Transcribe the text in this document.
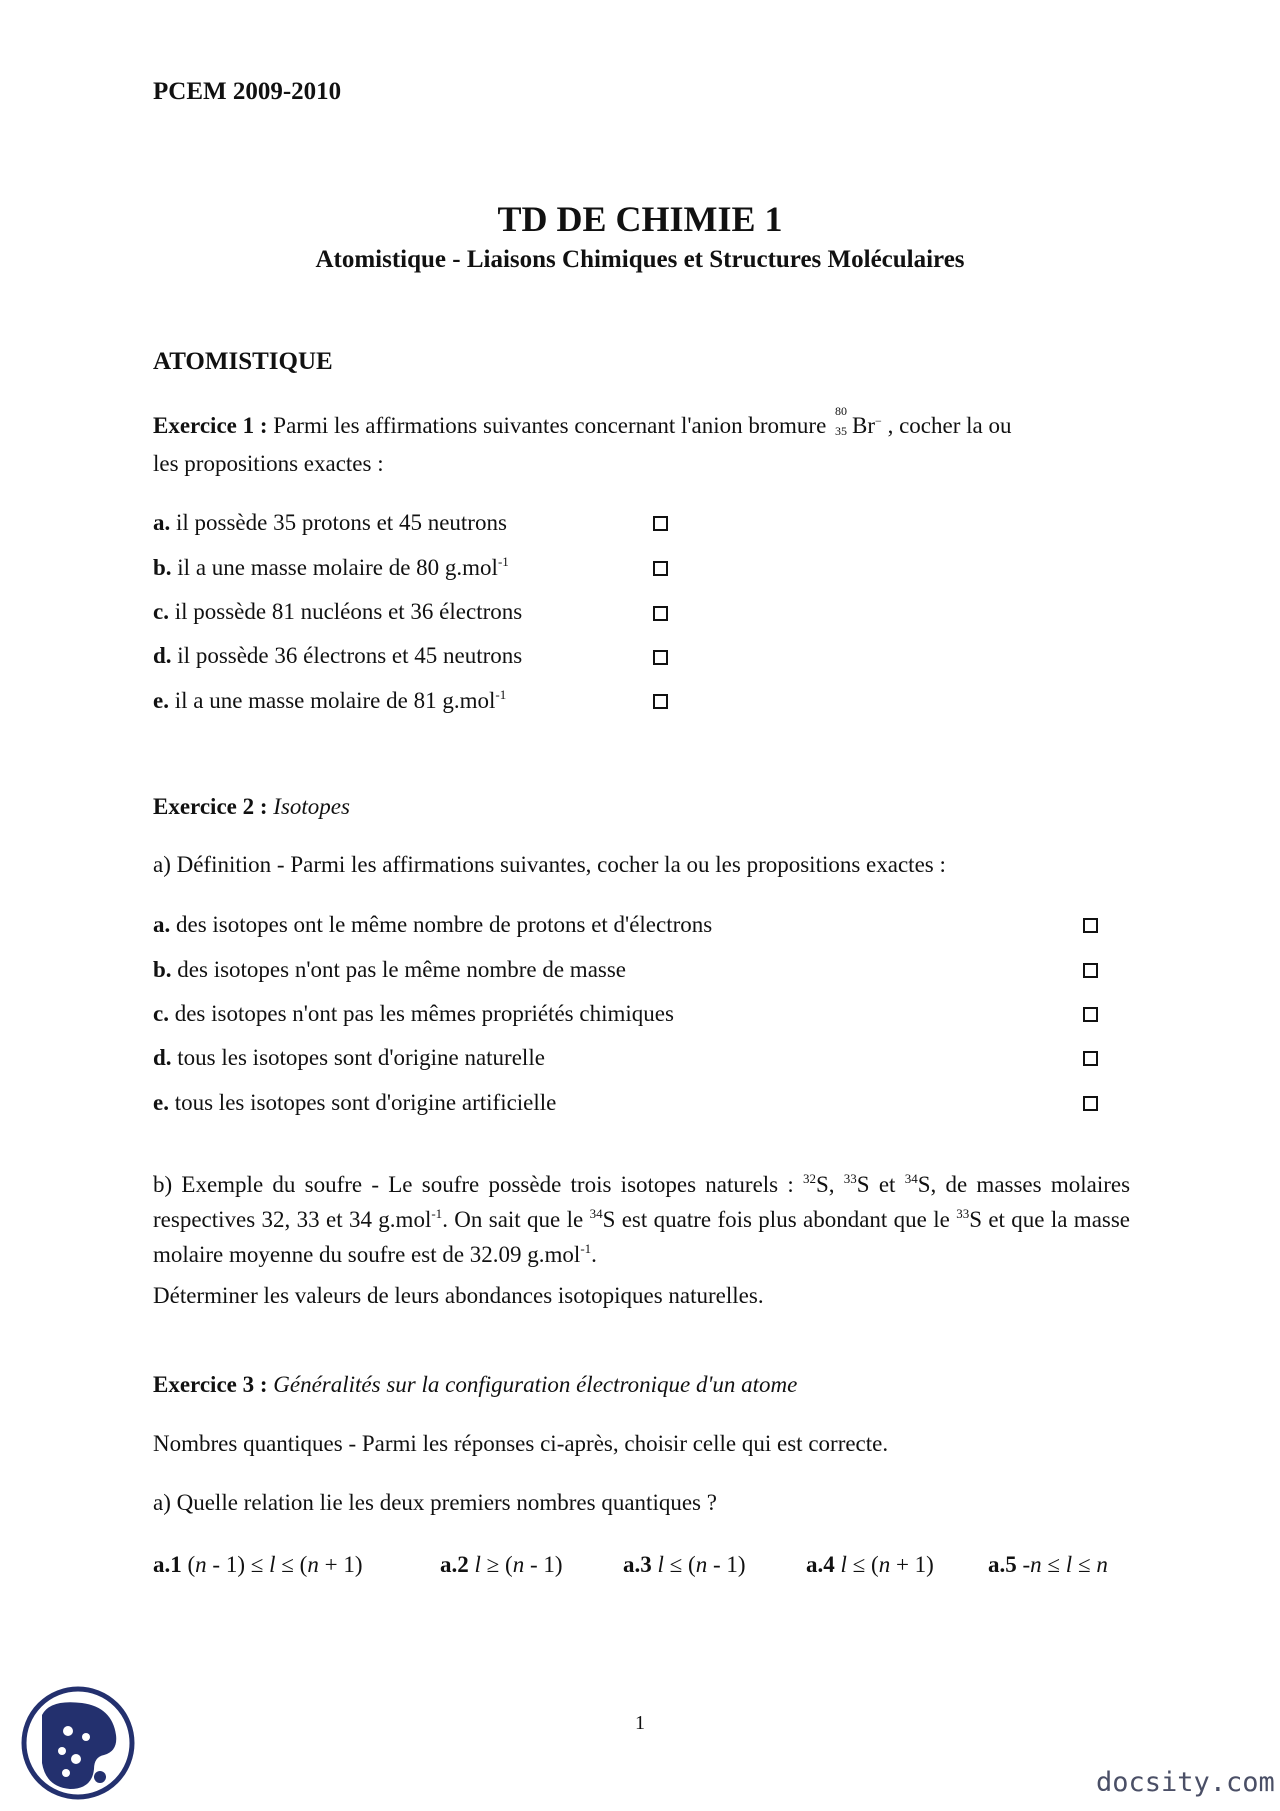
PCEM 2009-2010
TD DE CHIMIE 1
Atomistique - Liaisons Chimiques et Structures Moléculaires
ATOMISTIQUE
Exercice 1 : Parmi les affirmations suivantes concernant l'anion bromure
80
35 Br− , cocher la ou
les propositions exactes :
a. il possède 35 protons et 45 neutrons
b. il a une masse molaire de 80 g.mol$^{-1}$
c. il possède 81 nucléons et 36 électrons
d. il possède 36 électrons et 45 neutrons
e. il a une masse molaire de 81 g.mol$^{-1}$
Exercice 2 : Isotopes
a) Définition - Parmi les affirmations suivantes, cocher la ou les propositions exactes :
a. des isotopes ont le même nombre de protons et d'électrons
b. des isotopes n'ont pas le même nombre de masse
c. des isotopes n'ont pas les mêmes propriétés chimiques
d. tous les isotopes sont d'origine naturelle
e. tous les isotopes sont d'origine artificielle
b) Exemple du soufre - Le soufre possède trois isotopes naturels : $^{32}$S, $^{33}$S et $^{34}$S, de masses molaires respectives 32, 33 et 34 g.mol$^{-1}$. On sait que le $^{34}$S est quatre fois plus abondant que le $^{33}$S et que la masse molaire moyenne du soufre est de 32.09 g.mol$^{-1}$.
Déterminer les valeurs de leurs abondances isotopiques naturelles.
Exercice 3 : Généralités sur la configuration électronique d'un atome
Nombres quantiques - Parmi les réponses ci-après, choisir celle qui est correcte.
a) Quelle relation lie les deux premiers nombres quantiques ?
a.1 (n - 1) ≤ l ≤ (n + 1)	a.2 l ≥ (n - 1)	a.3 l ≤ (n - 1)	a.4 l ≤ (n + 1) a.5 -n ≤ l ≤ n
1
docsity.com
